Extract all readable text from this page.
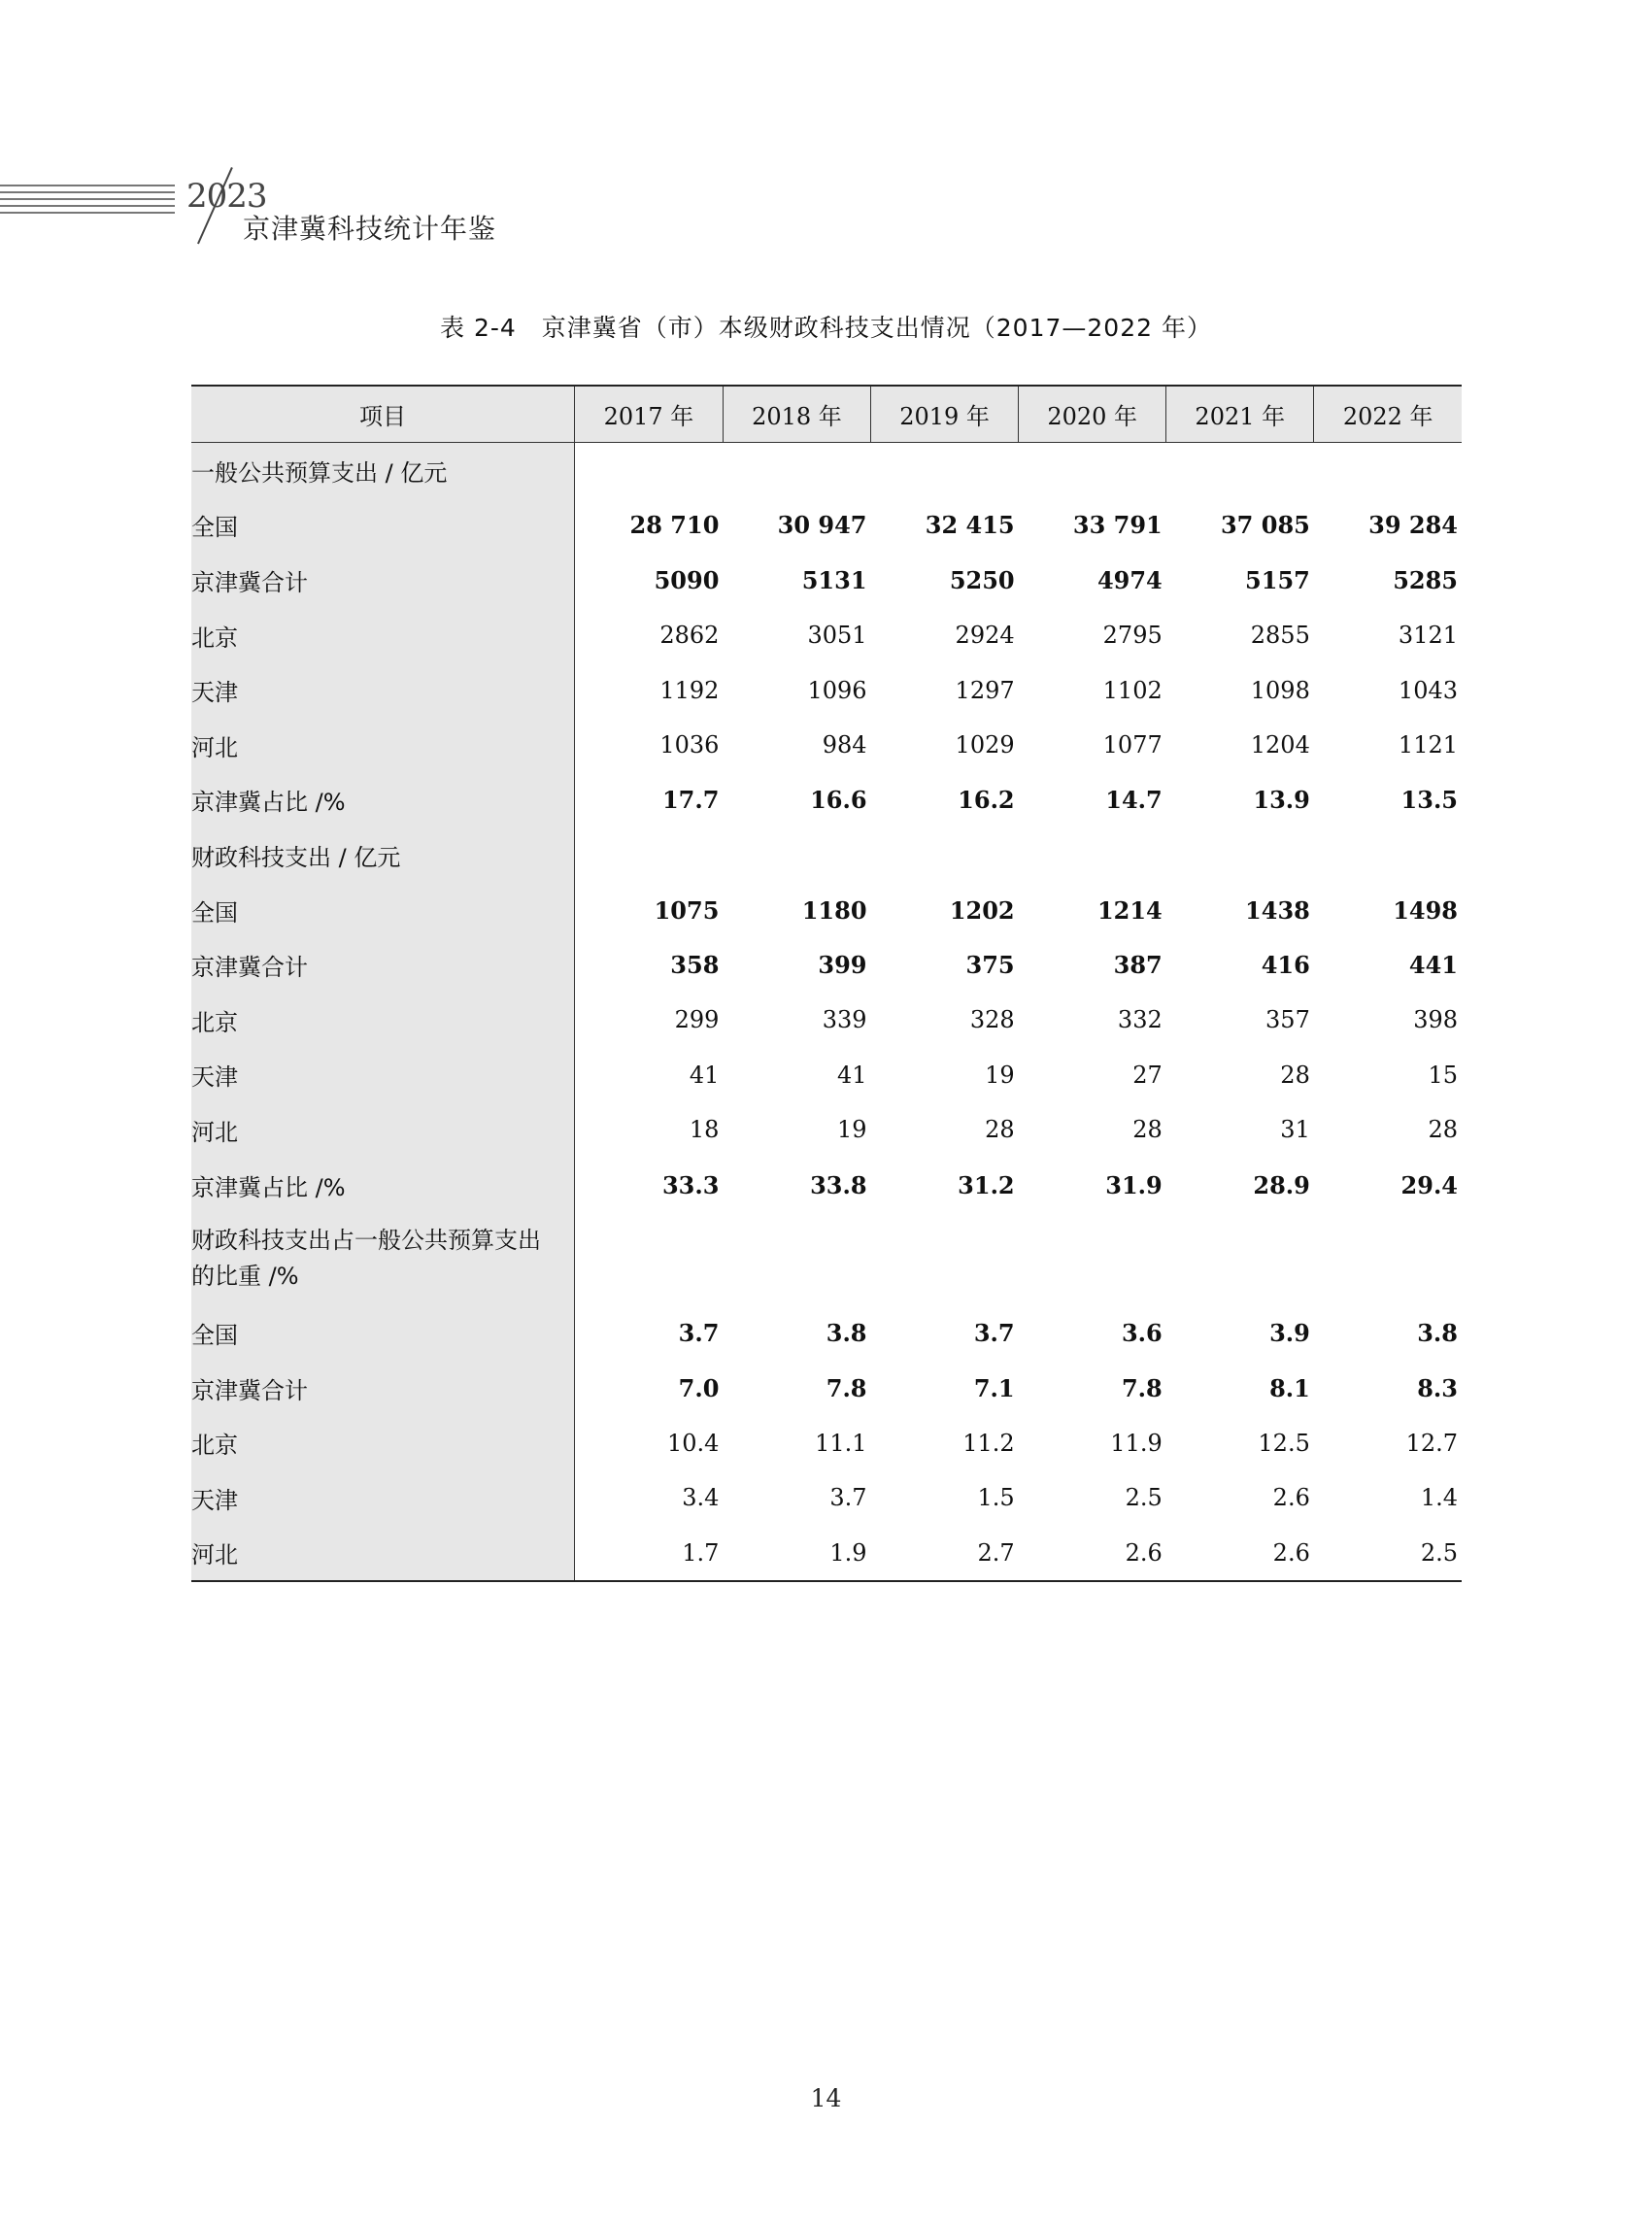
2023
京津冀科技统计年鉴
表 2-4　京津冀省（市）本级财政科技支出情况（2017—2022 年）
项目	2017 年	2018 年	2019 年	2020 年	2021 年	2022 年
一般公共预算支出 / 亿元						
全国	28 710	30 947	32 415	33 791	37 085	39 284
京津冀合计	5090	5131	5250	4974	5157	5285
北京	2862	3051	2924	2795	2855	3121
天津	1192	1096	1297	1102	1098	1043
河北	1036	984	1029	1077	1204	1121
京津冀占比 /%	17.7	16.6	16.2	14.7	13.9	13.5
财政科技支出 / 亿元						
全国	1075	1180	1202	1214	1438	1498
京津冀合计	358	399	375	387	416	441
北京	299	339	328	332	357	398
天津	41	41	19	27	28	15
河北	18	19	28	28	31	28
京津冀占比 /%	33.3	33.8	31.2	31.9	28.9	29.4
财政科技支出占一般公共预算支出
的比重 /%						
全国	3.7	3.8	3.7	3.6	3.9	3.8
京津冀合计	7.0	7.8	7.1	7.8	8.1	8.3
北京	10.4	11.1	11.2	11.9	12.5	12.7
天津	3.4	3.7	1.5	2.5	2.6	1.4
河北	1.7	1.9	2.7	2.6	2.6	2.5
14
